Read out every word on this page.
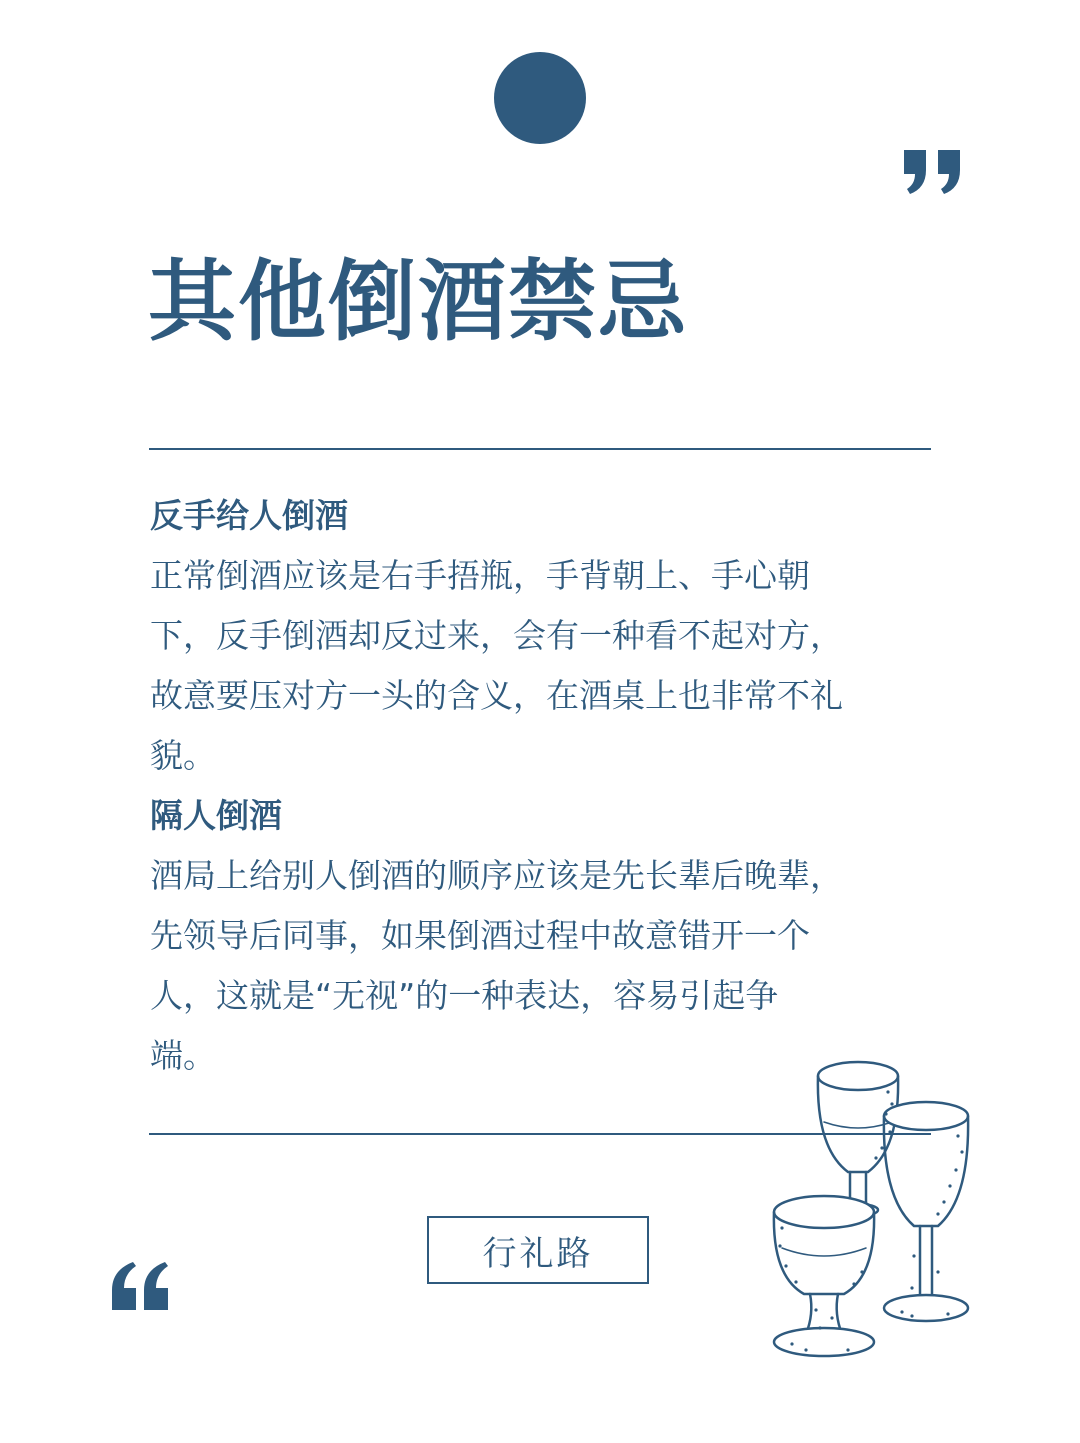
其他倒酒禁忌

反手给人倒酒

正常倒酒应该是右手捂瓶，手背朝上、手心朝

下，反手倒酒却反过来，会有一种看不起对方，

故意要压对方一头的含义，在酒桌上也非常不礼

貌。

隔人倒酒

酒局上给别人倒酒的顺序应该是先长辈后晚辈，

先领导后同事，如果倒酒过程中故意错开一个

人，这就是“无视”的一种表达，容易引起争

端。

行礼路
